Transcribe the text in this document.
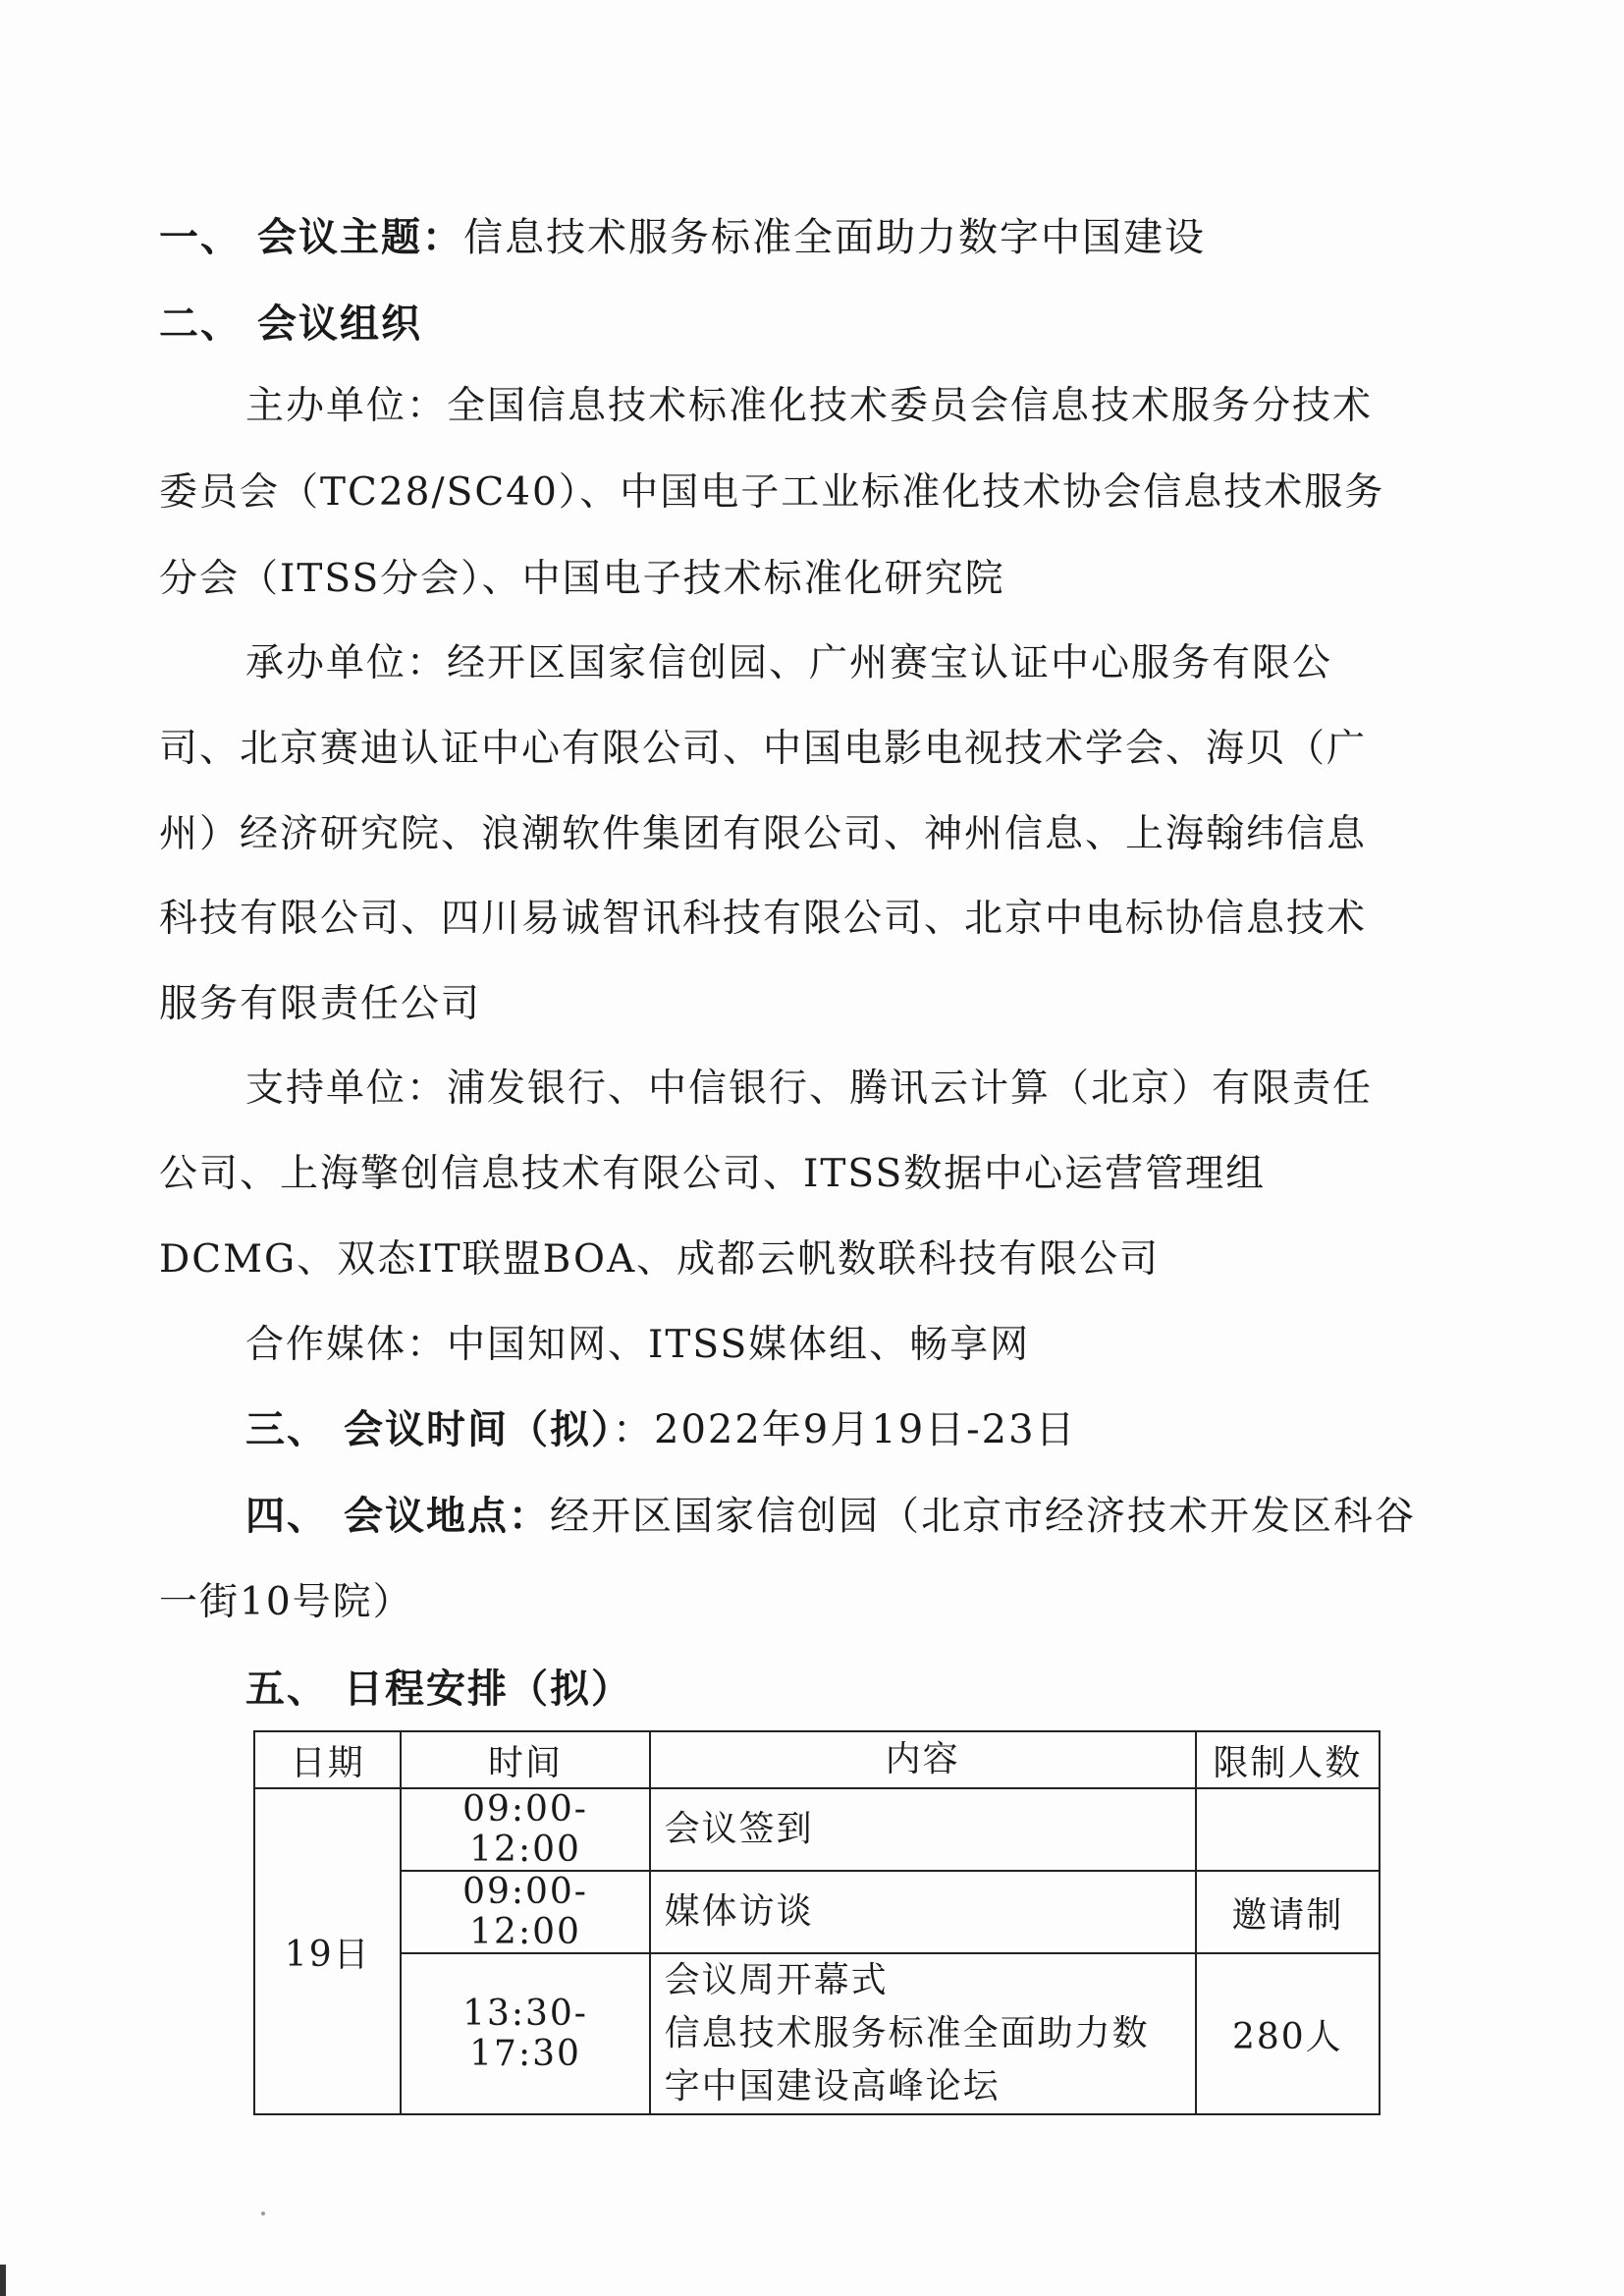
一、 会议主题：信息技术服务标准全面助力数字中国建设
二、 会议组织
主办单位：全国信息技术标准化技术委员会信息技术服务分技术
委员会（TC28/SC40）、中国电子工业标准化技术协会信息技术服务
分会（ITSS分会）、中国电子技术标准化研究院
承办单位：经开区国家信创园、广州赛宝认证中心服务有限公
司、北京赛迪认证中心有限公司、中国电影电视技术学会、海贝（广
州）经济研究院、浪潮软件集团有限公司、神州信息、上海翰纬信息
科技有限公司、四川易诚智讯科技有限公司、北京中电标协信息技术
服务有限责任公司
支持单位：浦发银行、中信银行、腾讯云计算（北京）有限责任
公司、上海擎创信息技术有限公司、ITSS数据中心运营管理组
DCMG、双态IT联盟BOA、成都云帆数联科技有限公司
合作媒体：中国知网、ITSS媒体组、畅享网
三、 会议时间（拟）：2022年9月19日-23日
四、 会议地点：经开区国家信创园（北京市经济技术开发区科谷
一街10号院）
五、 日程安排（拟）
日期	时间	内容	限制人数
19日	09:00-12:00	会议签到	
	09:00-12:00	媒体访谈	邀请制
	13:30-17:30	会议周开幕式
信息技术服务标准全面助力数
字中国建设高峰论坛	280人
